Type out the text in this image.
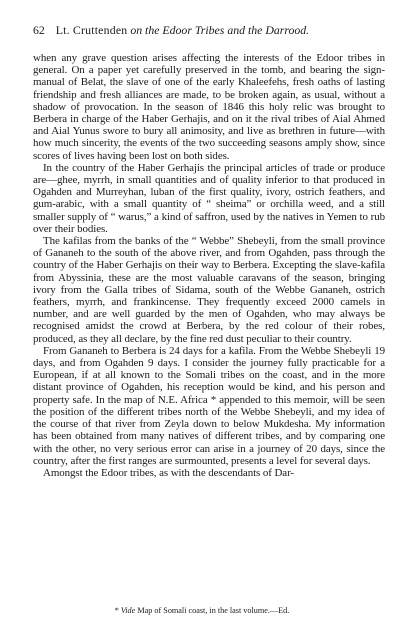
62 Lt. Cruttenden on the Edoor Tribes and the Darrood.

when any grave question arises affecting the interests of the Edoor tribes in general. On a paper yet carefully preserved in the tomb, and bearing the sign-manual of Belat, the slave of one of the early Khaleefehs, fresh oaths of lasting friendship and fresh alliances are made, to be broken again, as usual, without a shadow of provocation. In the season of 1846 this holy relic was brought to Berbera in charge of the Haber Gerhajis, and on it the rival tribes of Aial Ahmed and Aial Yunus swore to bury all animosity, and live as brethren in future—with how much sincerity, the events of the two succeeding seasons amply show, since scores of lives having been lost on both sides.

In the country of the Haber Gerhajis the principal articles of trade or produce are—ghee, myrrh, in small quantities and of quality inferior to that produced in Ogahden and Murreyhan, luban of the first quality, ivory, ostrich feathers, and gum-arabic, with a small quantity of “ sheima” or orchilla weed, and a still smaller supply of “ warus,” a kind of saffron, used by the natives in Yemen to rub over their bodies.

The kafilas from the banks of the “ Webbe” Shebeyli, from the small province of Gananeh to the south of the above river, and from Ogahden, pass through the country of the Haber Gerhajis on their way to Berbera. Excepting the slave-kafila from Abyssinia, these are the most valuable caravans of the season, bringing ivory from the Galla tribes of Sidama, south of the Webbe Gananeh, ostrich feathers, myrrh, and frankincense. They frequently exceed 2000 camels in number, and are well guarded by the men of Ogahden, who may always be recognised amidst the crowd at Berbera, by the red colour of their robes, produced, as they all declare, by the fine red dust peculiar to their country.

From Gananeh to Berbera is 24 days for a kafila. From the Webbe Shebeyli 19 days, and from Ogahden 9 days. I consider the journey fully practicable for a European, if at all known to the Somali tribes on the coast, and in the more distant province of Ogahden, his reception would be kind, and his person and property safe. In the map of N.E. Africa * appended to this memoir, will be seen the position of the different tribes north of the Webbe Shebeyli, and my idea of the course of that river from Zeyla down to below Mukdesha. My information has been obtained from many natives of different tribes, and by comparing one with the other, no very serious error can arise in a journey of 20 days, since the country, after the first ranges are surmounted, presents a level for several days.

Amongst the Edoor tribes, as with the descendants of Dar-

* Vide Map of Somali coast, in the last volume.—Ed.
